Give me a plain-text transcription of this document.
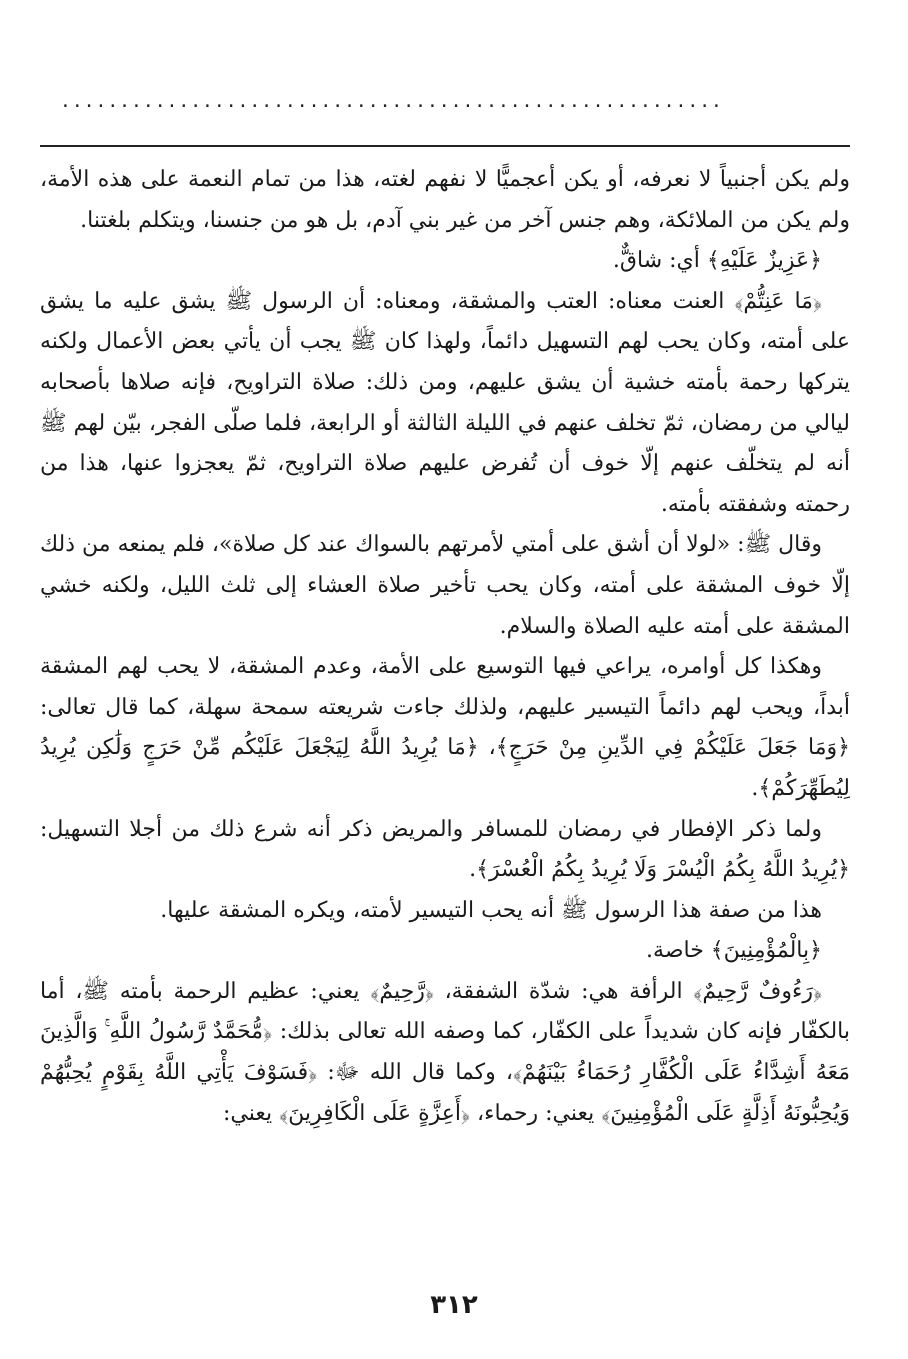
........................................................

ولم يكن أجنبياً لا نعرفه، أو يكن أعجميًّا لا نفهم لغته، هذا من تمام النعمة على هذه الأمة، ولم يكن من الملائكة، وهم جنس آخر من غير بني آدم، بل هو من جنسنا، ويتكلم بلغتنا.

﴿عَزِيزٌ عَلَيْهِ﴾ أي: شاقٌّ.

﴿مَا عَنِتُّمْ﴾ العنت معناه: العتب والمشقة، ومعناه: أن الرسول ﷺ يشق عليه ما يشق على أمته، وكان يحب لهم التسهيل دائماً، ولهذا كان ﷺ يجب أن يأتي بعض الأعمال ولكنه يتركها رحمة بأمته خشية أن يشق عليهم، ومن ذلك: صلاة التراويح، فإنه صلاها بأصحابه ليالي من رمضان، ثمّ تخلف عنهم في الليلة الثالثة أو الرابعة، فلما صلّى الفجر، بيّن لهم ﷺ أنه لم يتخلّف عنهم إلّا خوف أن تُفرض عليهم صلاة التراويح، ثمّ يعجزوا عنها، هذا من رحمته وشفقته بأمته.

وقال ﷺ: «لولا أن أشق على أمتي لأمرتهم بالسواك عند كل صلاة»، فلم يمنعه من ذلك إلّا خوف المشقة على أمته، وكان يحب تأخير صلاة العشاء إلى ثلث الليل، ولكنه خشي المشقة على أمته عليه الصلاة والسلام.

وهكذا كل أوامره، يراعي فيها التوسيع على الأمة، وعدم المشقة، لا يحب لهم المشقة أبداً، ويحب لهم دائماً التيسير عليهم، ولذلك جاءت شريعته سمحة سهلة، كما قال تعالى: ﴿وَمَا جَعَلَ عَلَيْكُمْ فِي الدِّينِ مِنْ حَرَجٍ﴾، ﴿مَا يُرِيدُ اللَّهُ لِيَجْعَلَ عَلَيْكُم مِّنْ حَرَجٍ وَلَٰكِن يُرِيدُ لِيُطَهِّرَكُمْ﴾.

ولما ذكر الإفطار في رمضان للمسافر والمريض ذكر أنه شرع ذلك من أجلا التسهيل: ﴿يُرِيدُ اللَّهُ بِكُمُ الْيُسْرَ وَلَا يُرِيدُ بِكُمُ الْعُسْرَ﴾.

هذا من صفة هذا الرسول ﷺ أنه يحب التيسير لأمته، ويكره المشقة عليها.

﴿بِالْمُؤْمِنِينَ﴾ خاصة.

﴿رَءُوفٌ رَّحِيمٌ﴾ الرأفة هي: شدّة الشفقة، ﴿رَّحِيمٌ﴾ يعني: عظيم الرحمة بأمته ﷺ، أما بالكفّار فإنه كان شديداً على الكفّار، كما وصفه الله تعالى بذلك: ﴿مُّحَمَّدٌ رَّسُولُ اللَّهِ ۚ وَالَّذِينَ مَعَهُ أَشِدَّاءُ عَلَى الْكُفَّارِ رُحَمَاءُ بَيْنَهُمْ﴾، وكما قال الله ﷻ: ﴿فَسَوْفَ يَأْتِي اللَّهُ بِقَوْمٍ يُحِبُّهُمْ وَيُحِبُّونَهُ أَذِلَّةٍ عَلَى الْمُؤْمِنِينَ﴾ يعني: رحماء، ﴿أَعِزَّةٍ عَلَى الْكَافِرِينَ﴾ يعني:

٣١٢
